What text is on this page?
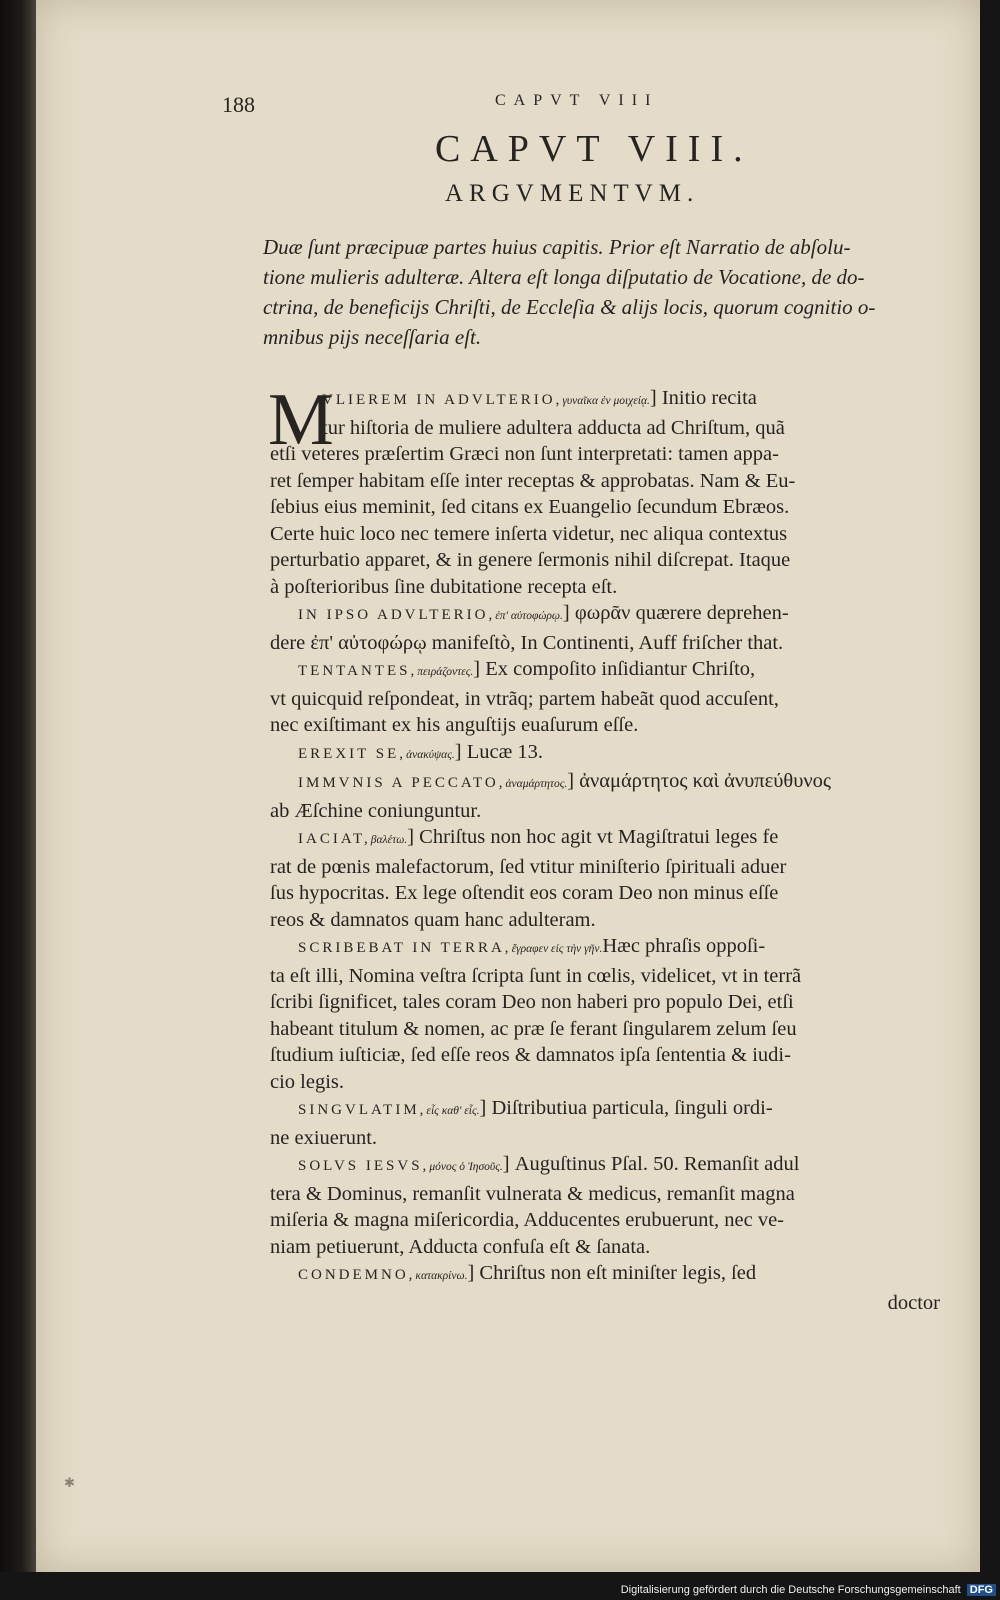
188	CAPVT VIII
CAPVT VIII.
ARGVMENTVM.
Duæ ſunt præcipuæ partes huius capitis. Prior eſt Narratio de abſolu-
tione mulieris adulteræ. Altera eſt longa diſputatio de Vocatione, de do-
ctrina, de beneficijs Chriſti, de Eccleſia & alijs locis, quorum cognitio o-
mnibus pijs neceſſaria eſt.
M
VLIEREM IN ADVLTERIO,γυναῖκα ἐν μοιχείᾳ.] Initio recita
tur hiſtoria de muliere adultera adducta ad Chriſtum, quã
etſi veteres præſertim Græci non ſunt interpretati: tamen appa-
ret ſemper habitam eſſe inter receptas & approbatas. Nam & Eu-
ſebius eius meminit, ſed citans ex Euangelio ſecundum Ebræos.
Certe huic loco nec temere inſerta videtur, nec aliqua contextus
perturbatio apparet, & in genere ſermonis nihil diſcrepat. Itaque
à poſterioribus ſine dubitatione recepta eſt.
IN IPSO ADVLTERIO,ἐπ' αὐτοφώρῳ.] φωρᾶν quærere deprehen-
dere ἐπ' αὐτοφώρῳ manifeſtò, In Continenti, Auff friſcher that.
TENTANTES,πειράζοντες.] Ex compoſito inſidiantur Chriſto,
vt quicquid reſpondeat, in vtrãq; partem habeãt quod accuſent,
nec exiſtimant ex his anguſtijs euaſurum eſſe.
EREXIT SE,ἀνακύψας.] Lucæ 13.
IMMVNIS A PECCATO,ἀναμάρτητος.] ἀναμάρτητος καὶ ἀνυπεύθυνος
ab Æſchine coniunguntur.
IACIAT,βαλέτω.] Chriſtus non hoc agit vt Magiſtratui leges fe
rat de pœnis malefactorum, ſed vtitur miniſterio ſpirituali aduer
ſus hypocritas. Ex lege oſtendit eos coram Deo non minus eſſe
reos & damnatos quam hanc adulteram.
SCRIBEBAT IN TERRA,ἔγραφεν εἰς τὴν γῆν.Hæc phraſis oppoſi-
ta eſt illi, Nomina veſtra ſcripta ſunt in cœlis, videlicet, vt in terrã
ſcribi ſignificet, tales coram Deo non haberi pro populo Dei, etſi
habeant titulum & nomen, ac præ ſe ferant ſingularem zelum ſeu
ſtudium iuſticiæ, ſed eſſe reos & damnatos ipſa ſententia & iudi-
cio legis.
SINGVLATIM,εἷς καθ' εἷς.] Diſtributiua particula, ſinguli ordi-
ne exiuerunt.
SOLVS IESVS,μόνος ὁ Ἰησοῦς.] Auguſtinus Pſal. 50. Remanſit adul
tera & Dominus, remanſit vulnerata & medicus, remanſit magna
miſeria & magna miſericordia, Adducentes erubuerunt, nec ve-
niam petiuerunt, Adducta confuſa eſt & ſanata.
CONDEMNO,κατακρίνω.] Chriſtus non eſt miniſter legis, ſed
doctor
✱
Digitalisierung gefördert durch die Deutsche Forschungsgemeinschaft DFG
